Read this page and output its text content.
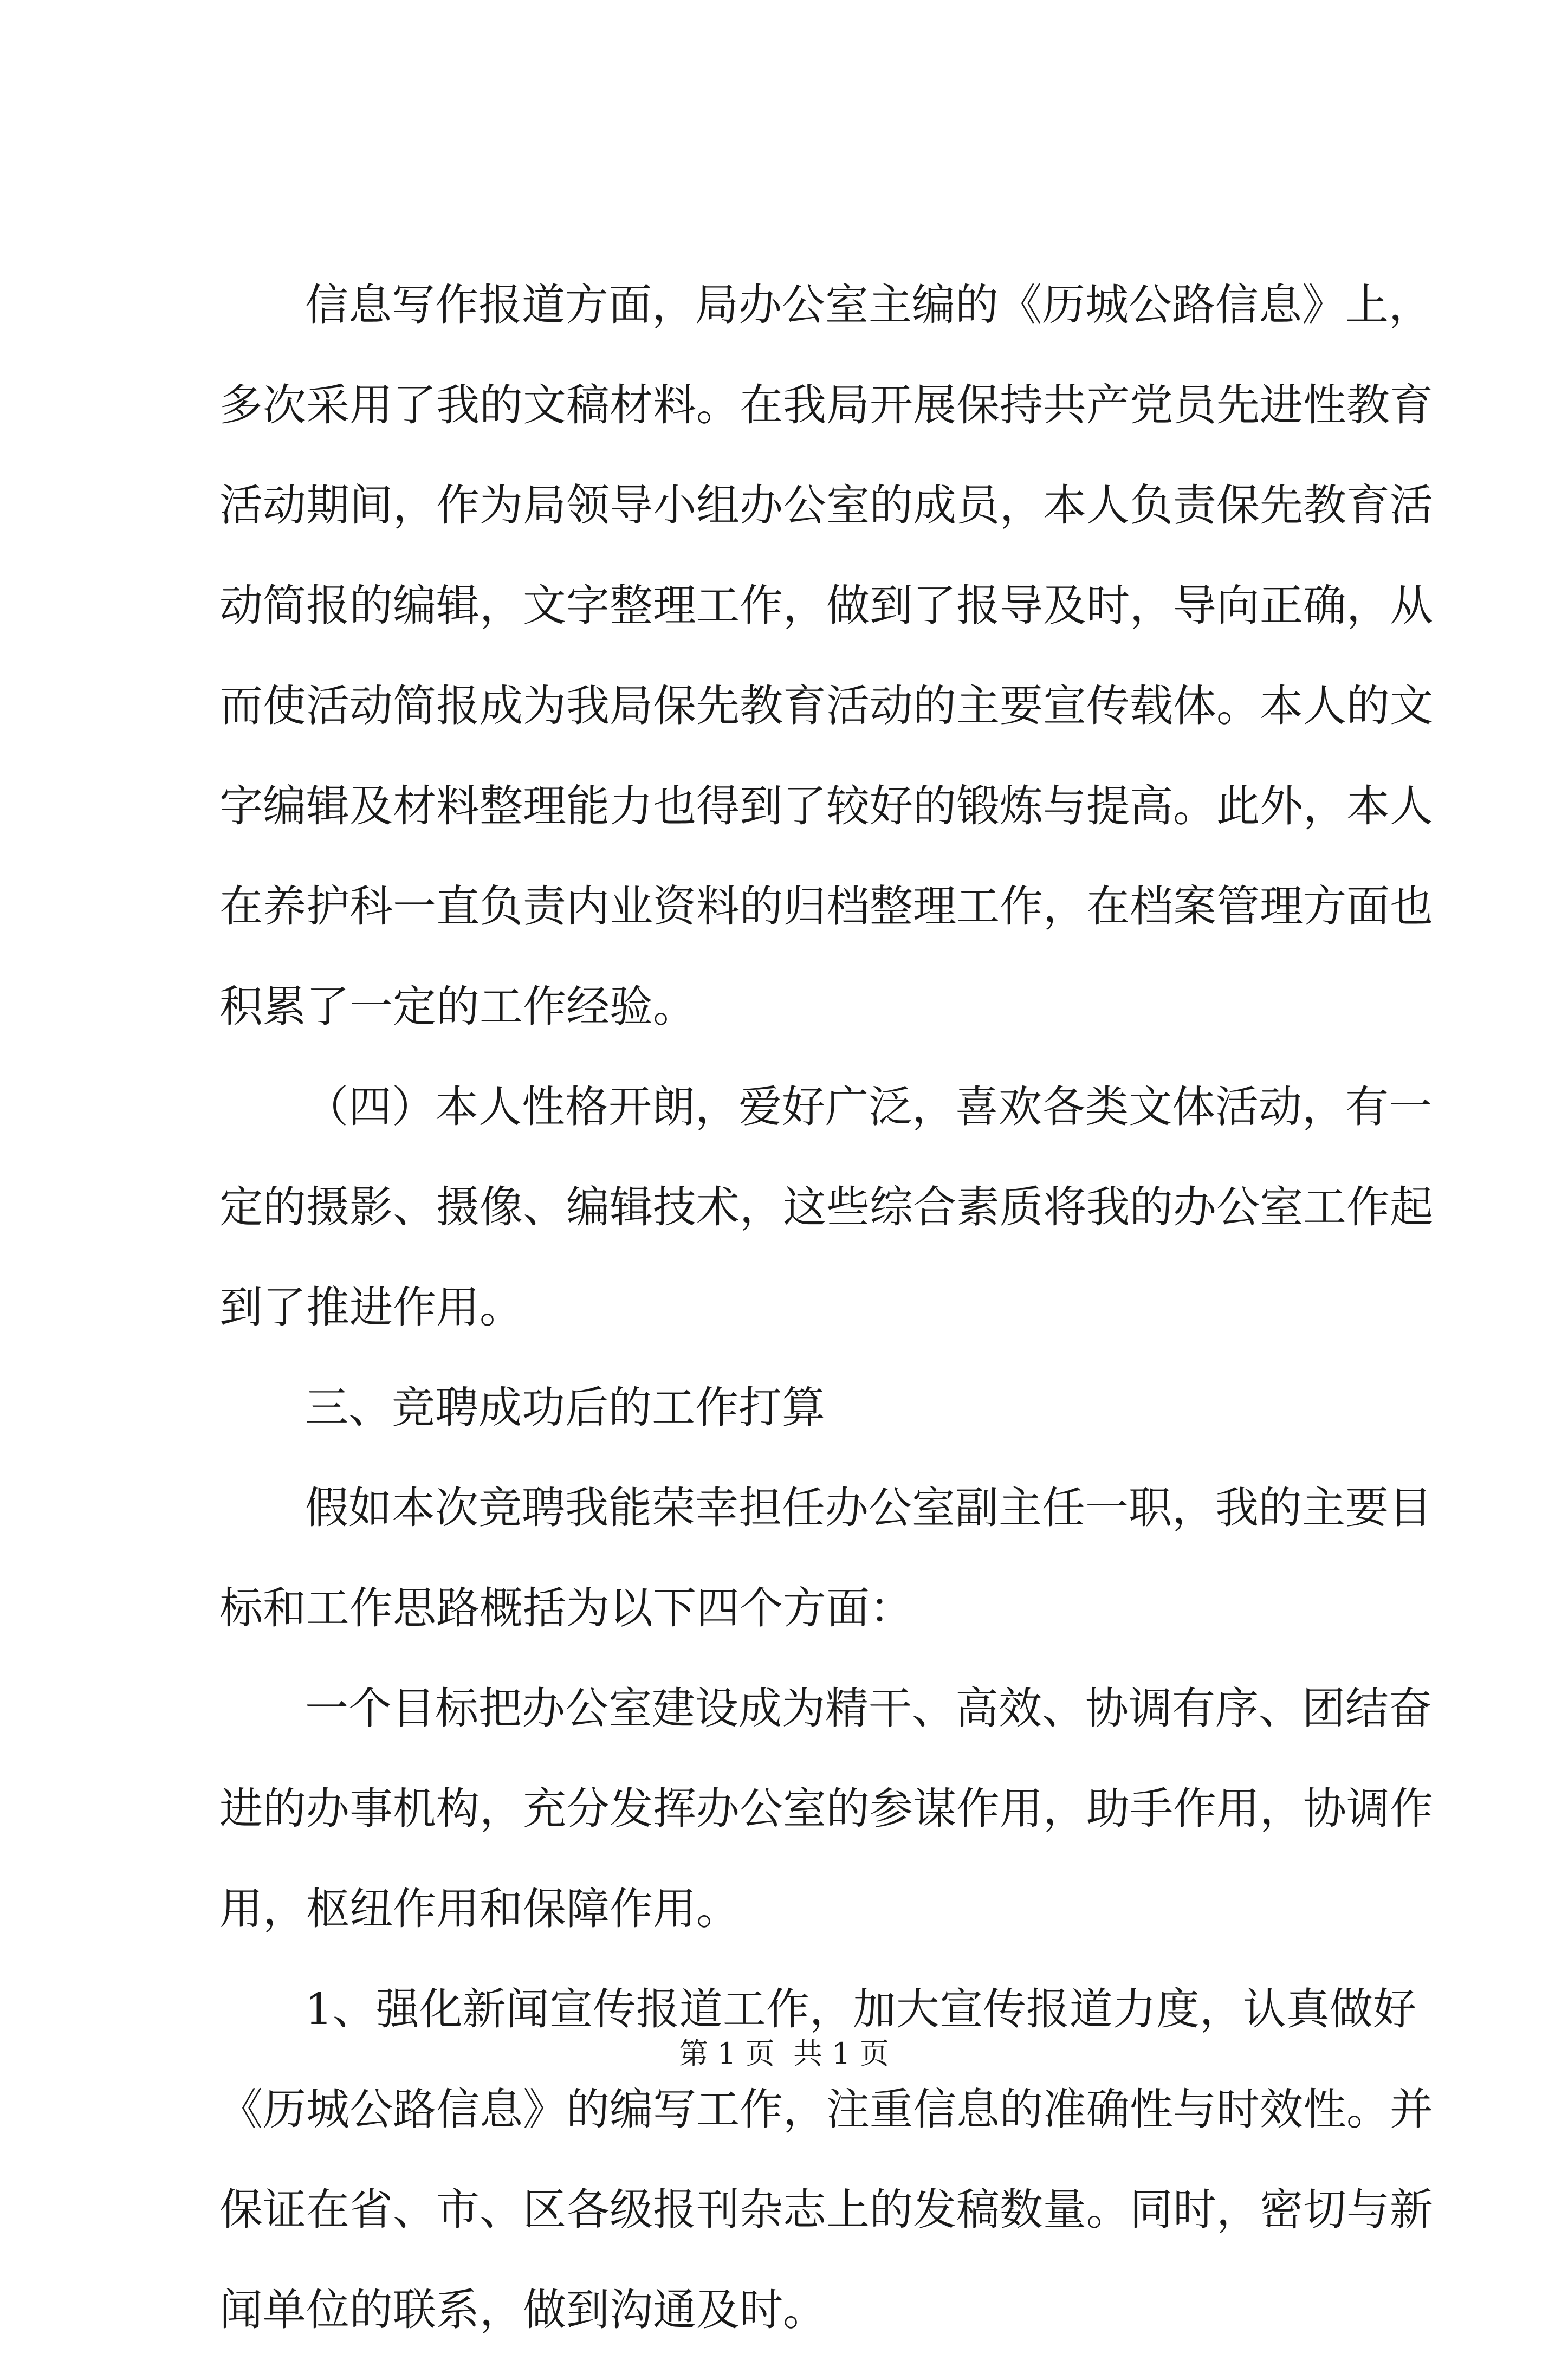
信息写作报道方面，局办公室主编的《历城公路信息》上，
多次采用了我的文稿材料。在我局开展保持共产党员先进性教育
活动期间，作为局领导小组办公室的成员，本人负责保先教育活
动简报的编辑，文字整理工作，做到了报导及时，导向正确，从
而使活动简报成为我局保先教育活动的主要宣传载体。本人的文
字编辑及材料整理能力也得到了较好的锻炼与提高。此外，本人
在养护科一直负责内业资料的归档整理工作，在档案管理方面也
积累了一定的工作经验。
（四）本人性格开朗，爱好广泛，喜欢各类文体活动，有一
定的摄影、摄像、编辑技术，这些综合素质将我的办公室工作起
到了推进作用。
三、竞聘成功后的工作打算
假如本次竞聘我能荣幸担任办公室副主任一职，我的主要目
标和工作思路概括为以下四个方面：
一个目标把办公室建设成为精干、高效、协调有序、团结奋
进的办事机构，充分发挥办公室的参谋作用，助手作用，协调作
用，枢纽作用和保障作用。
1、强化新闻宣传报道工作，加大宣传报道力度，认真做好
《历城公路信息》的编写工作，注重信息的准确性与时效性。并
保证在省、市、区各级报刊杂志上的发稿数量。同时，密切与新
闻单位的联系，做到沟通及时。
第 1 页  共 1 页
